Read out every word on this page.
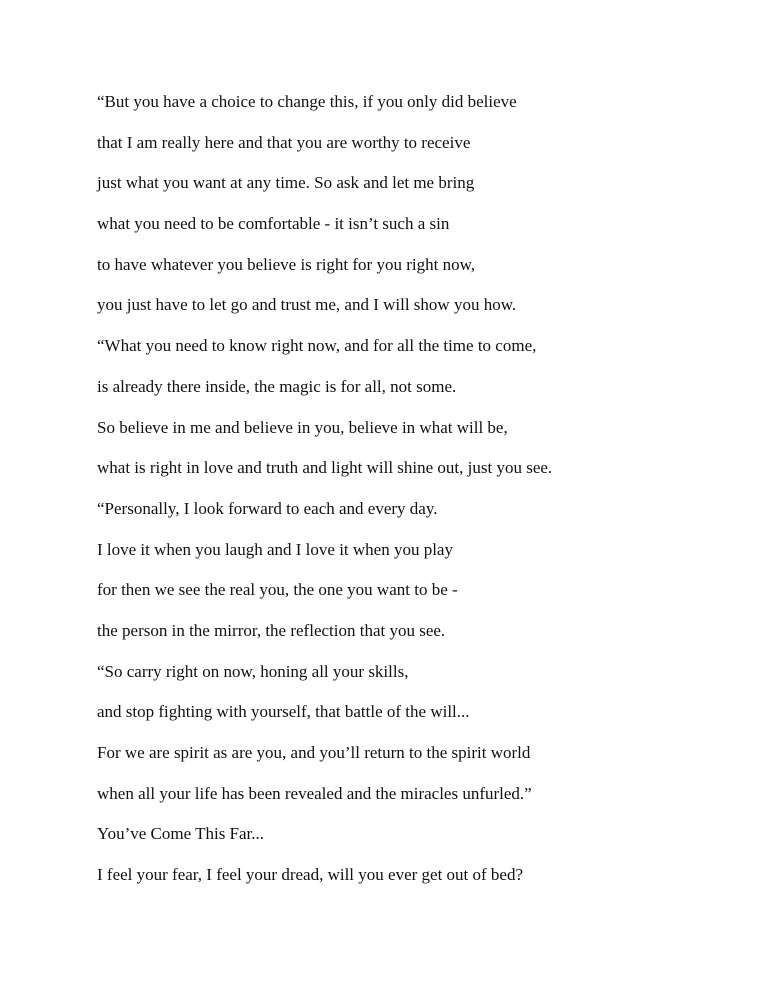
“But you have a choice to change this, if you only did believe
that I am really here and that you are worthy to receive
just what you want at any time. So ask and let me bring
what you need to be comfortable - it isn’t such a sin
to have whatever you believe is right for you right now,
you just have to let go and trust me, and I will show you how.
“What you need to know right now, and for all the time to come,
is already there inside, the magic is for all, not some.
So believe in me and believe in you, believe in what will be,
what is right in love and truth and light will shine out, just you see.
“Personally, I look forward to each and every day.
I love it when you laugh and I love it when you play
for then we see the real you, the one you want to be -
the person in the mirror, the reflection that you see.
“So carry right on now, honing all your skills,
and stop fighting with yourself, that battle of the will...
For we are spirit as are you, and you’ll return to the spirit world
when all your life has been revealed and the miracles unfurled.”
You’ve Come This Far...
I feel your fear, I feel your dread, will you ever get out of bed?
